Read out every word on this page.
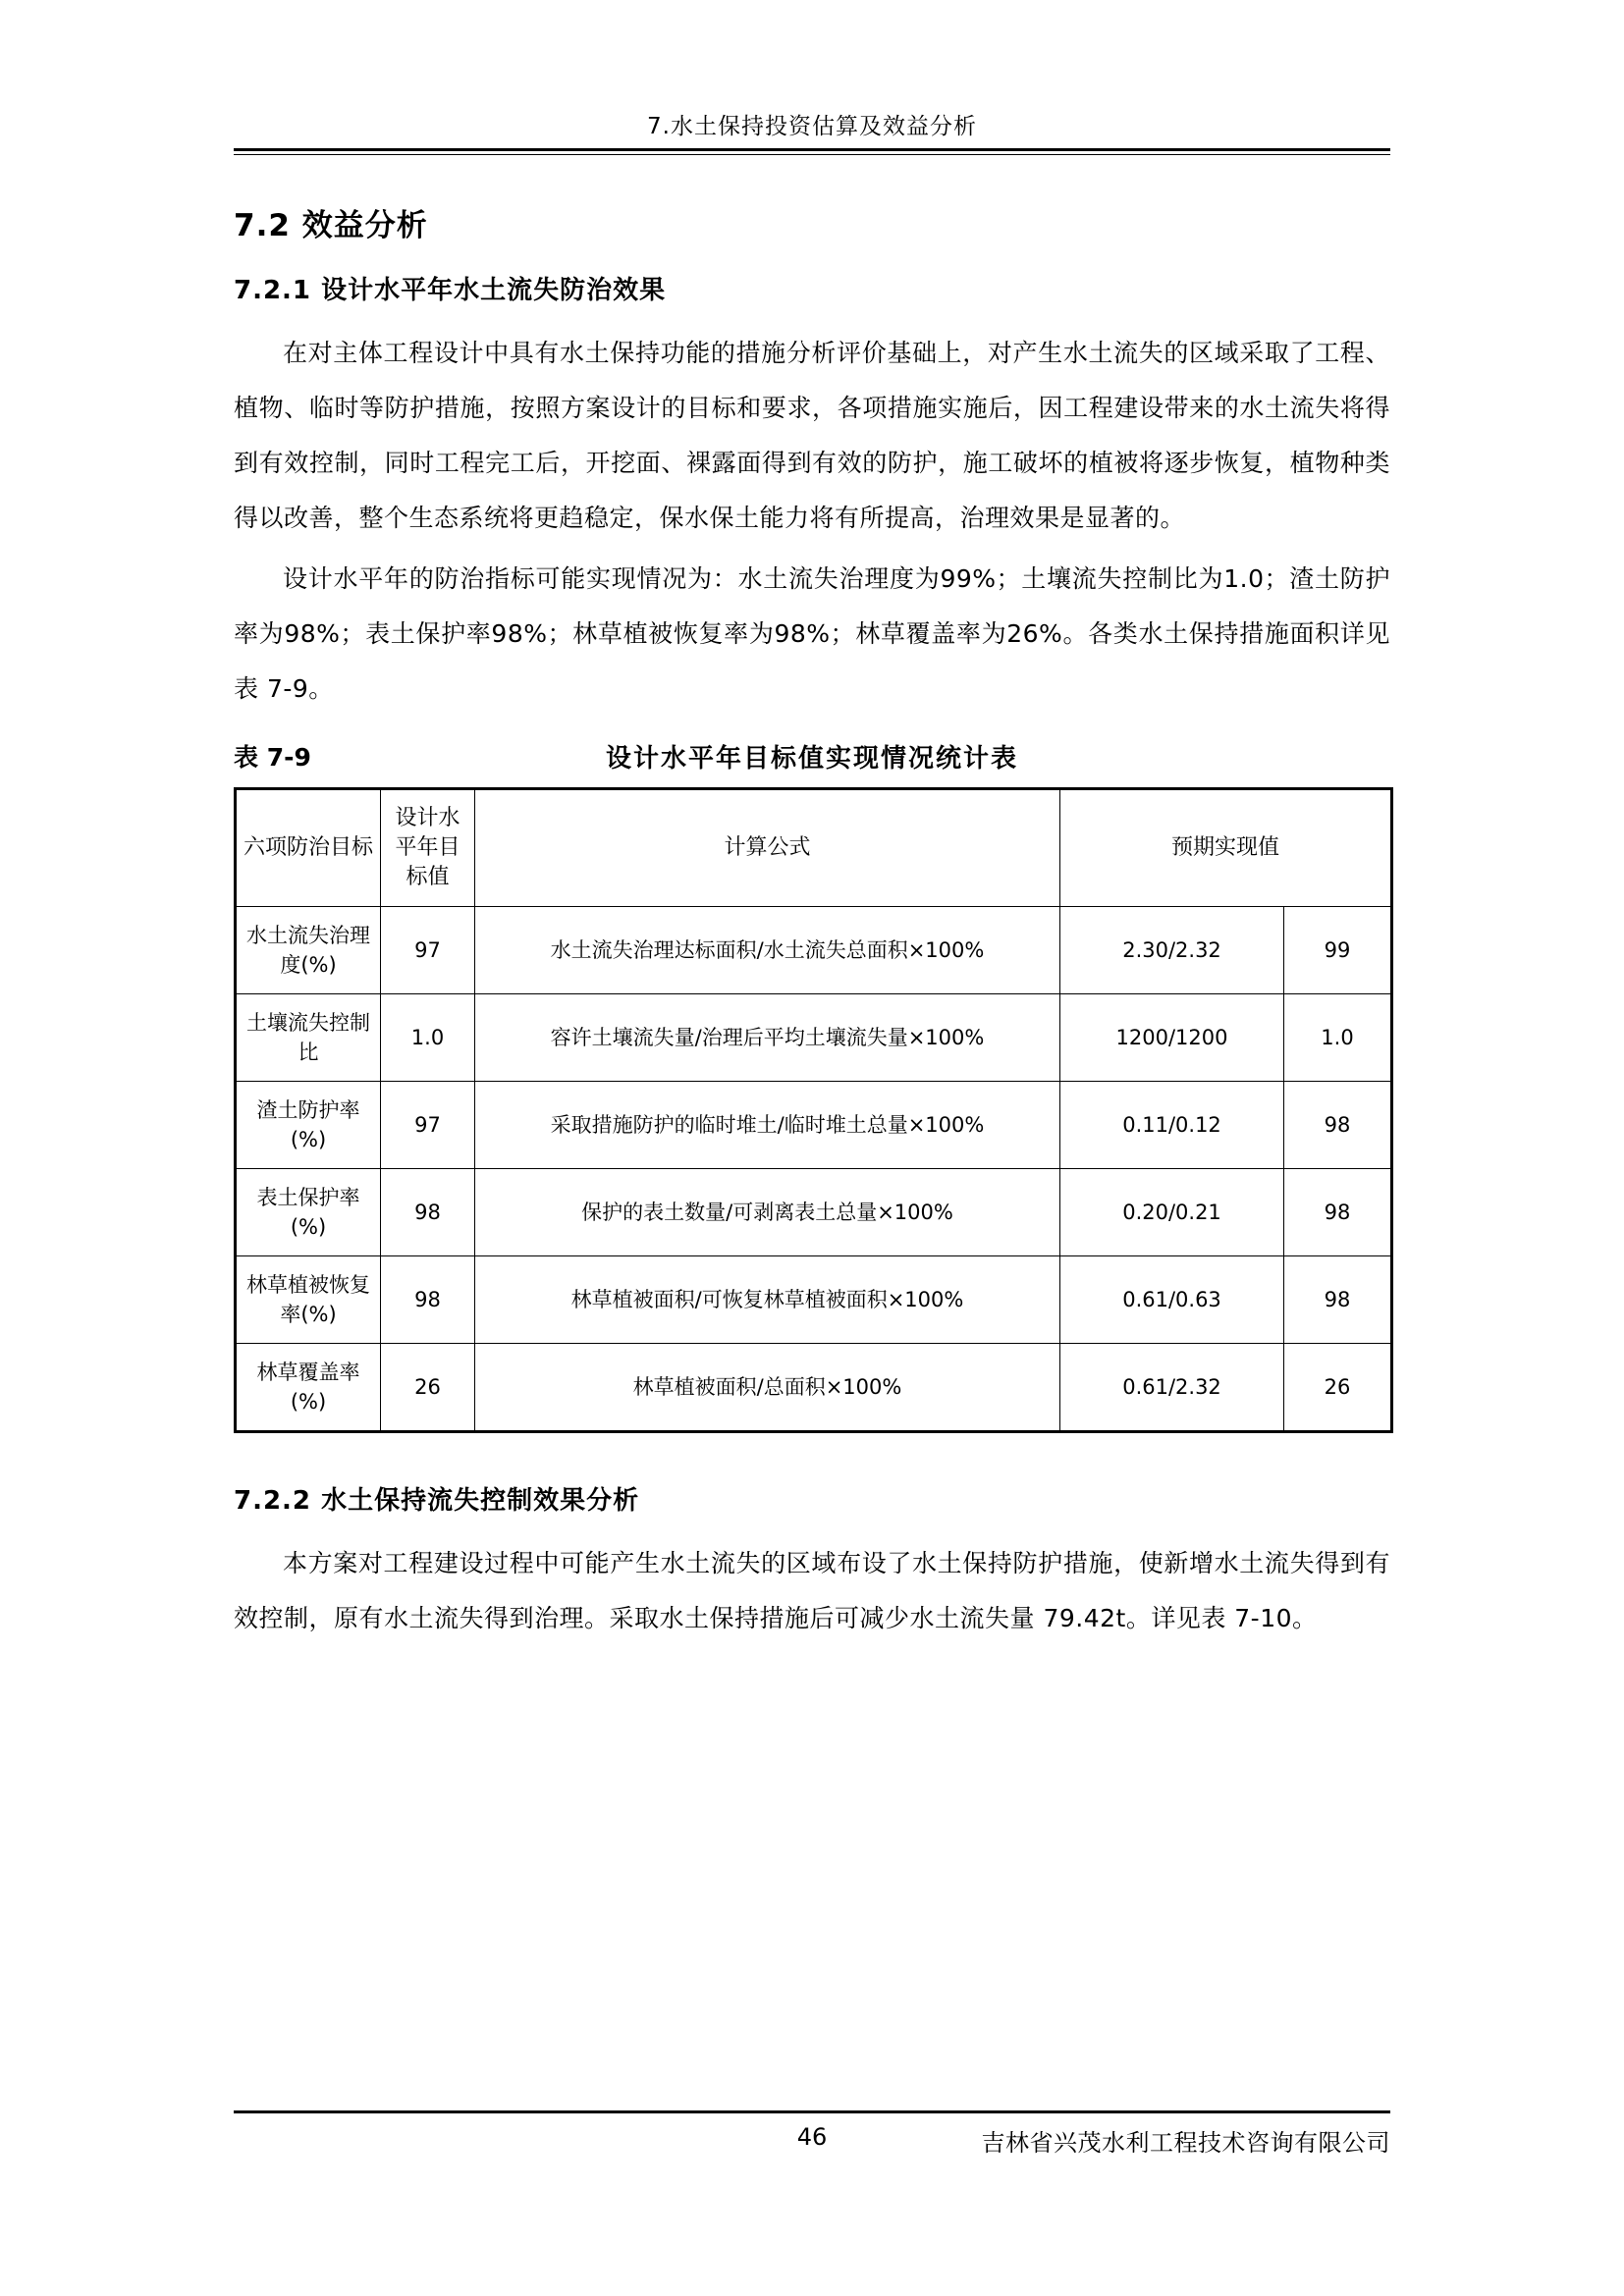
7.水土保持投资估算及效益分析
7.2 效益分析
7.2.1 设计水平年水土流失防治效果

在对主体工程设计中具有水土保持功能的措施分析评价基础上，对产生水土流失的区域采取了工程、植物、临时等防护措施，按照方案设计的目标和要求，各项措施实施后，因工程建设带来的水土流失将得到有效控制，同时工程完工后，开挖面、裸露面得到有效的防护，施工破坏的植被将逐步恢复，植物种类得以改善，整个生态系统将更趋稳定，保水保土能力将有所提高，治理效果是显著的。

设计水平年的防治指标可能实现情况为：水土流失治理度为99%；土壤流失控制比为1.0；渣土防护率为98%；表土保护率98%；林草植被恢复率为98%；林草覆盖率为26%。各类水土保持措施面积详见表 7-9。

表 7-9	设计水平年目标值实现情况统计表
六项防治目标	设计水平年目标值	计算公式	预期实现值	
水土流失治理度(%)	97	水土流失治理达标面积/水土流失总面积×100%	2.30/2.32	99
土壤流失控制比	1.0	容许土壤流失量/治理后平均土壤流失量×100%	1200/1200	1.0
渣土防护率(%)	97	采取措施防护的临时堆土/临时堆土总量×100%	0.11/0.12	98
表土保护率(%)	98	保护的表土数量/可剥离表土总量×100%	0.20/0.21	98
林草植被恢复率(%)	98	林草植被面积/可恢复林草植被面积×100%	0.61/0.63	98
林草覆盖率(%)	26	林草植被面积/总面积×100%	0.61/2.32	26
7.2.2 水土保持流失控制效果分析

本方案对工程建设过程中可能产生水土流失的区域布设了水土保持防护措施，使新增水土流失得到有效控制，原有水土流失得到治理。采取水土保持措施后可减少水土流失量 79.42t。详见表 7-10。

46	吉林省兴茂水利工程技术咨询有限公司
